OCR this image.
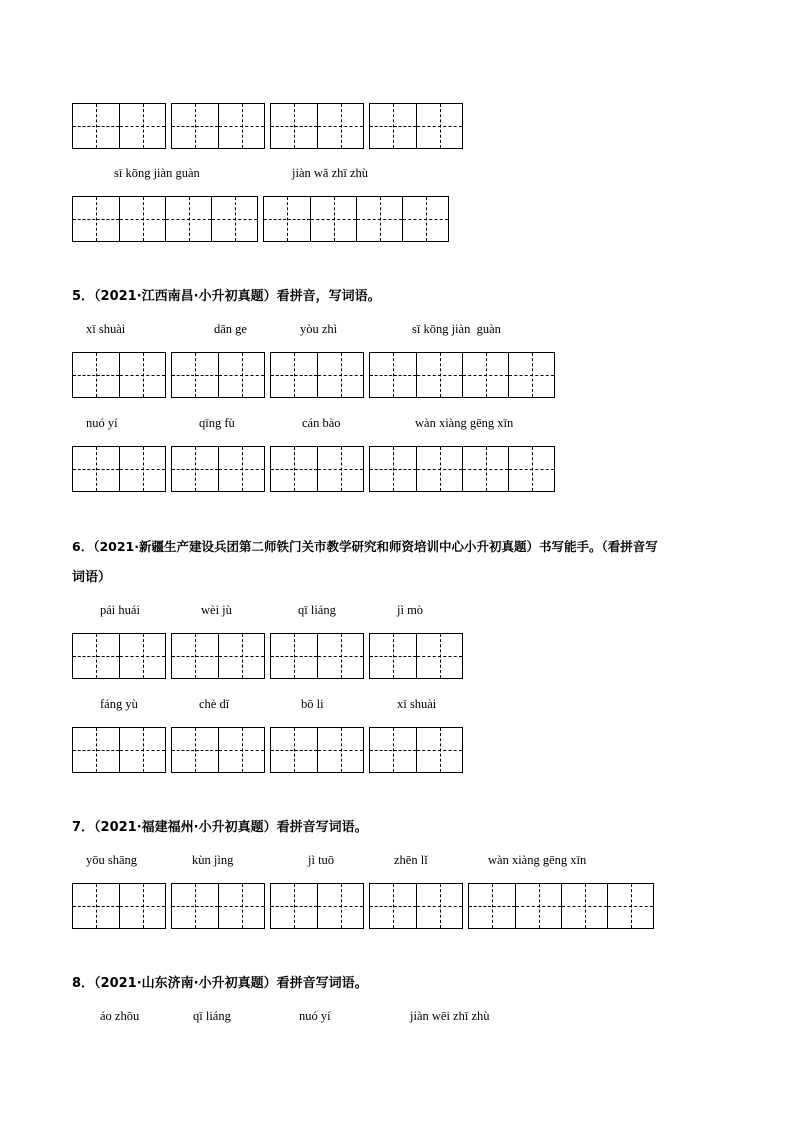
sī kōng jiàn guàn	jiàn wǎ zhī zhù
5．（2021·江西南昌·小升初真题）看拼音，写词语。
xī shuài	dān ge	yòu zhì	sī kōng jiàn  guàn
nuó yí	qīng fù	cán bào	wàn xiàng gēng xīn
6．（2021·新疆生产建设兵团第二师铁门关市教学研究和师资培训中心小升初真题）书写能手。（看拼音写
词语）
pái huái	wèi jù	qī liáng	jì mò
fáng yù	chè dǐ	bō li	xī shuài
7．（2021·福建福州·小升初真题）看拼音写词语。
yōu shāng	kùn jìng	jì tuō	zhēn lǐ	wàn xiàng gēng xīn
8．（2021·山东济南·小升初真题）看拼音写词语。
áo zhōu	qī liáng	nuó yí	jiàn wēi zhī zhù
